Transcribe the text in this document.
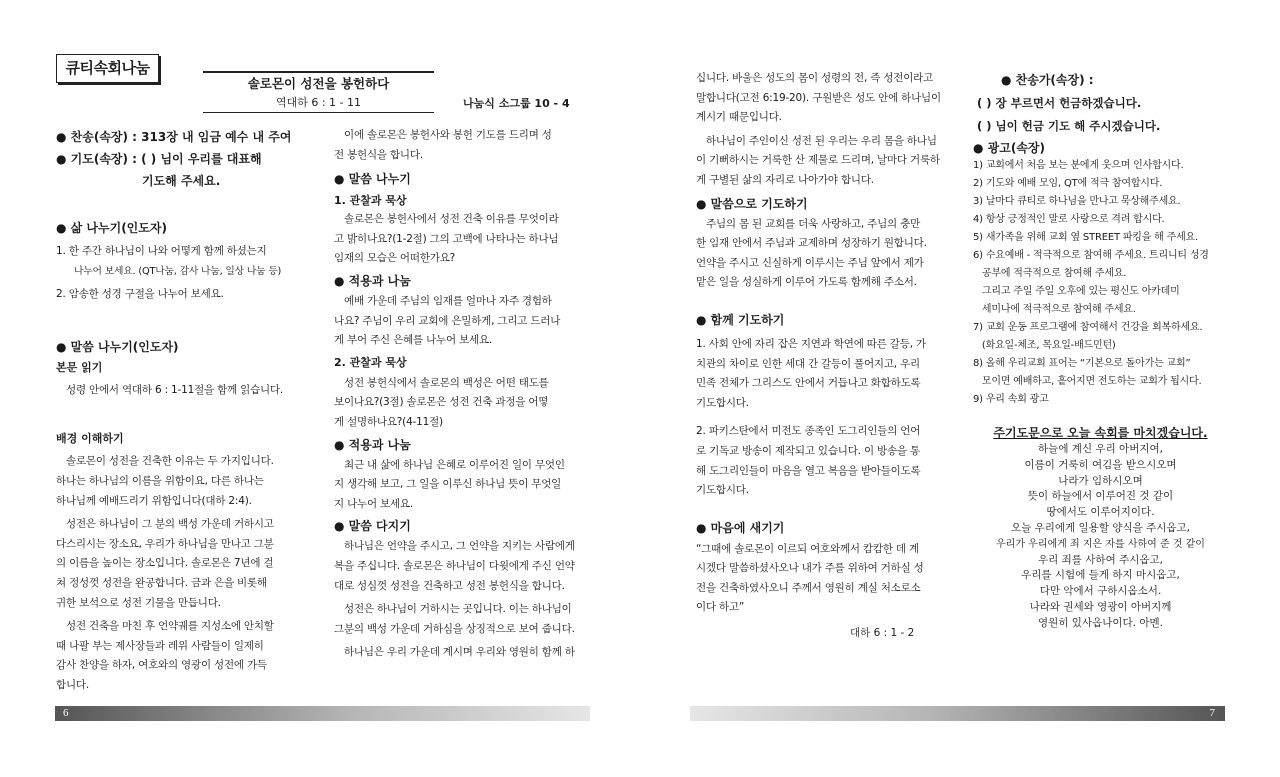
큐티속회나눔
솔로몬이 성전을 봉헌하다
역대하 6 : 1 - 11	나눔식 소그룹 10 - 4

● 찬송(속장) : 313장 내 임금 예수 내 주여

● 기도(속장) : ( ) 님이 우리를 대표해

기도해 주세요.

● 삶 나누기(인도자)

1. 한 주간 하나님이 나와 어떻게 함께 하셨는지

나누어 보세요. (QT나눔, 감사 나눔, 일상 나눔 등)

2. 암송한 성경 구절을 나누어 보세요.

● 말씀 나누기(인도자)

본문 읽기

성령 안에서 역대하 6 : 1-11절을 함께 읽습니다.

배경 이해하기

솔로몬이 성전을 건축한 이유는 두 가지입니다.

하나는 하나님의 이름을 위함이요, 다른 하나는

하나님께 예배드리기 위함입니다(대하 2:4).

성전은 하나님이 그 분의 백성 가운데 거하시고

다스리시는 장소요, 우리가 하나님을 만나고 그분

의 이름을 높이는 장소입니다. 솔로몬은 7년에 걸

쳐 정성껏 성전을 완공합니다. 금과 은을 비롯해

귀한 보석으로 성전 기물을 만듭니다.

성전 건축을 마친 후 언약궤를 지성소에 안치할

때 나팔 부는 제사장들과 레위 사람들이 일제히

감사 찬양을 하자, 여호와의 영광이 성전에 가득

합니다.

이에 솔로몬은 봉헌사와 봉헌 기도를 드리며 성

전 봉헌식을 합니다.

● 말씀 나누기

1. 관찰과 묵상

솔로몬은 봉헌사에서 성전 건축 이유를 무엇이라

고 밝히나요?(1-2절) 그의 고백에 나타나는 하나님

임재의 모습은 어떠한가요?

● 적용과 나눔

예배 가운데 주님의 임재를 얼마나 자주 경험하

나요? 주님이 우리 교회에 은밀하게, 그리고 드러나

게 부어 주신 은혜를 나누어 보세요.

2. 관찰과 묵상

성전 봉헌식에서 솔로몬의 백성은 어떤 태도를

보이나요?(3절) 솔로몬은 성전 건축 과정을 어떻

게 설명하나요?(4-11절)

● 적용과 나눔

최근 내 삶에 하나님 은혜로 이루어진 일이 무엇인

지 생각해 보고, 그 일을 이루신 하나님 뜻이 무엇일

지 나누어 보세요.

● 말씀 다지기

하나님은 언약을 주시고, 그 언약을 지키는 사람에게

복을 주십니다. 솔로몬은 하나님이 다윗에게 주신 언약

대로 성심껏 성전을 건축하고 성전 봉헌식을 합니다.

성전은 하나님이 거하시는 곳입니다. 이는 하나님이

그분의 백성 가운데 거하심을 상징적으로 보여 줍니다.

하나님은 우리 가운데 계시며 우리와 영원히 함께 하

십니다. 바울은 성도의 몸이 성령의 전, 즉 성전이라고

말합니다(고전 6:19-20). 구원받은 성도 안에 하나님이

계시기 때문입니다.

하나님이 주인이신 성전 된 우리는 우리 몸을 하나님

이 기뻐하시는 거룩한 산 제물로 드리며, 날마다 거룩하

게 구별된 삶의 자리로 나아가야 합니다.

● 말씀으로 기도하기

주님의 몸 된 교회를 더욱 사랑하고, 주님의 충만

한 임재 안에서 주님과 교제하며 성장하기 원합니다.

언약을 주시고 신실하게 이루시는 주님 앞에서 제가

맡은 일을 성실하게 이루어 가도록 함께해 주소서.

● 함께 기도하기

1. 사회 안에 자리 잡은 지연과 학연에 따른 갈등, 가

치관의 차이로 인한 세대 간 갈등이 풀어지고, 우리

민족 전체가 그리스도 안에서 거듭나고 화합하도록

기도합시다.

2. 파키스탄에서 미전도 종족인 도그리인들의 언어

로 기독교 방송이 제작되고 있습니다. 이 방송을 통

해 도그리인들이 마음을 열고 복음을 받아들이도록

기도합시다.

● 마음에 새기기

“그때에 솔로몬이 이르되 여호와께서 캄캄한 데 계

시겠다 말씀하셨사오나 내가 주를 위하여 거하실 성

전을 건축하였사오니 주께서 영원히 계실 처소로소

이다 하고”

대하 6 : 1 - 2

● 찬송가(속장) :

( ) 장 부르면서 헌금하겠습니다.

( ) 님이 헌금 기도 해 주시겠습니다.

● 광고(속장)

1) 교회에서 처음 보는 분에게 웃으며 인사합시다.

2) 기도와 예배 모임, QT에 적극 참여합시다.

3) 날마다 큐티로 하나님을 만나고 묵상해주세요.

4) 항상 긍정적인 말로 사랑으로 격려 합시다.

5) 새가족을 위해 교회 옆 STREET 파킹을 해 주세요.

6) 수요예배 - 적극적으로 참여해 주세요. 트리니티 성경

공부에 적극적으로 참여해 주세요.

그리고 주일 주일 오후에 있는 평신도 아카데미

세미나에 적극적으로 참여해 주세요.

7) 교회 운동 프로그램에 참여해서 건강을 회복하세요.

(화요일-체조, 목요일-배드민턴)

8) 올해 우리교회 표어는 “기본으로 돌아가는 교회”

모이면 예배하고, 흩어지면 전도하는 교회가 됩시다.

9) 우리 속회 광고

주기도문으로 오늘 속회를 마치겠습니다.

하늘에 계신 우리 아버지여,

이름이 거룩히 여김을 받으시오며

나라가 임하시오며

뜻이 하늘에서 이루어진 것 같이

땅에서도 이루어지이다.

오늘 우리에게 일용할 양식을 주시옵고,

우리가 우리에게 죄 지은 자를 사하여 준 것 같이

우리 죄를 사하여 주시옵고,

우리를 시험에 들게 하지 마시옵고,

다만 악에서 구하시옵소서.

나라와 권세와 영광이 아버지께

영원히 있사옵나이다. 아멘.

6	7
